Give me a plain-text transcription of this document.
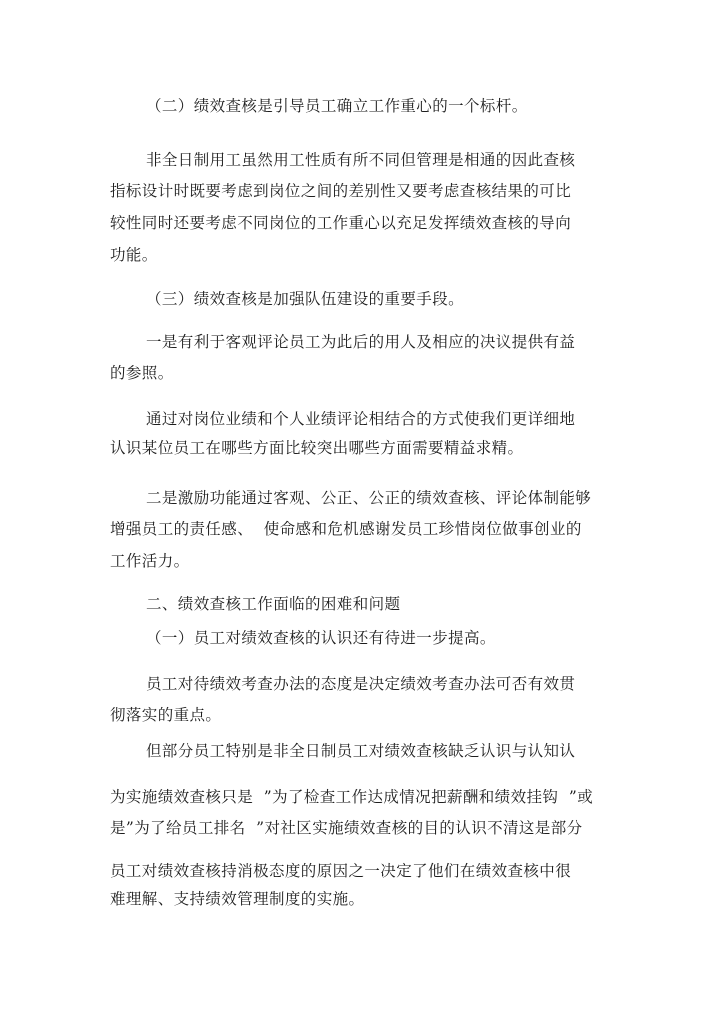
（二）绩效查核是引导员工确立工作重心的一个标杆。
非全日制用工虽然用工性质有所不同但管理是相通的因此查核
指标设计时既要考虑到岗位之间的差别性又要考虑查核结果的可比
较性同时还要考虑不同岗位的工作重心以充足发挥绩效查核的导向
功能。
（三）绩效查核是加强队伍建设的重要手段。
一是有利于客观评论员工为此后的用人及相应的决议提供有益
的参照。
通过对岗位业绩和个人业绩评论相结合的方式使我们更详细地
认识某位员工在哪些方面比较突出哪些方面需要精益求精。
二是激励功能通过客观、公正、公正的绩效查核、评论体制能够
增强员工的责任感、  使命感和危机感谢发员工珍惜岗位做事创业的
工作活力。
二、绩效查核工作面临的困难和问题
（一）员工对绩效查核的认识还有待进一步提高。
员工对待绩效考查办法的态度是决定绩效考查办法可否有效贯
彻落实的重点。
但部分员工特别是非全日制员工对绩效查核缺乏认识与认知认
为实施绩效查核只是  ”为了检查工作达成情况把薪酬和绩效挂钩  ”或
是”为了给员工排名  ”对社区实施绩效查核的目的认识不清这是部分
员工对绩效查核持消极态度的原因之一决定了他们在绩效查核中很
难理解、支持绩效管理制度的实施。
